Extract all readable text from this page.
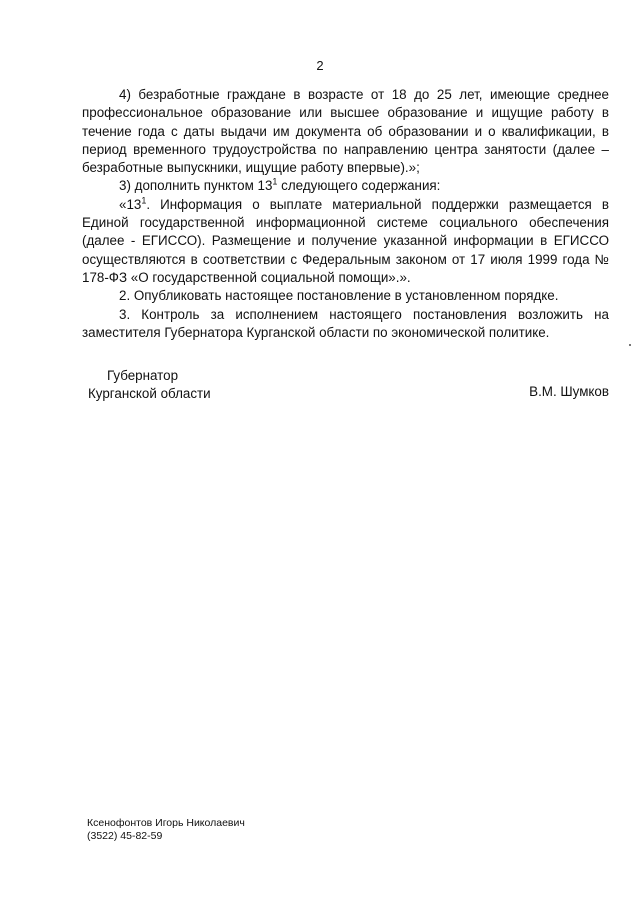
2

4) безработные граждане в возрасте от 18 до 25 лет, имеющие среднее профессиональное образование или высшее образование и ищущие работу в течение года с даты выдачи им документа об образовании и о квалификации, в период временного трудоустройства по направлению центра занятости (далее – безработные выпускники, ищущие работу впервые).»;

3) дополнить пунктом $13^1$ следующего содержания:

«$13^1$. Информация о выплате материальной поддержки размещается в Единой государственной информационной системе социального обеспечения (далее - ЕГИССО). Размещение и получение указанной информации в ЕГИССО осуществляются в соответствии с Федеральным законом от 17 июля 1999 года № 178-ФЗ «О государственной социальной помощи».».

2. Опубликовать настоящее постановление в установленном порядке.

3. Контроль за исполнением настоящего постановления возложить на заместителя Губернатора Курганской области по экономической политике.

Губернатор
Курганской области	В.М. Шумков
Ксенофонтов Игорь Николаевич
(3522) 45-82-59
